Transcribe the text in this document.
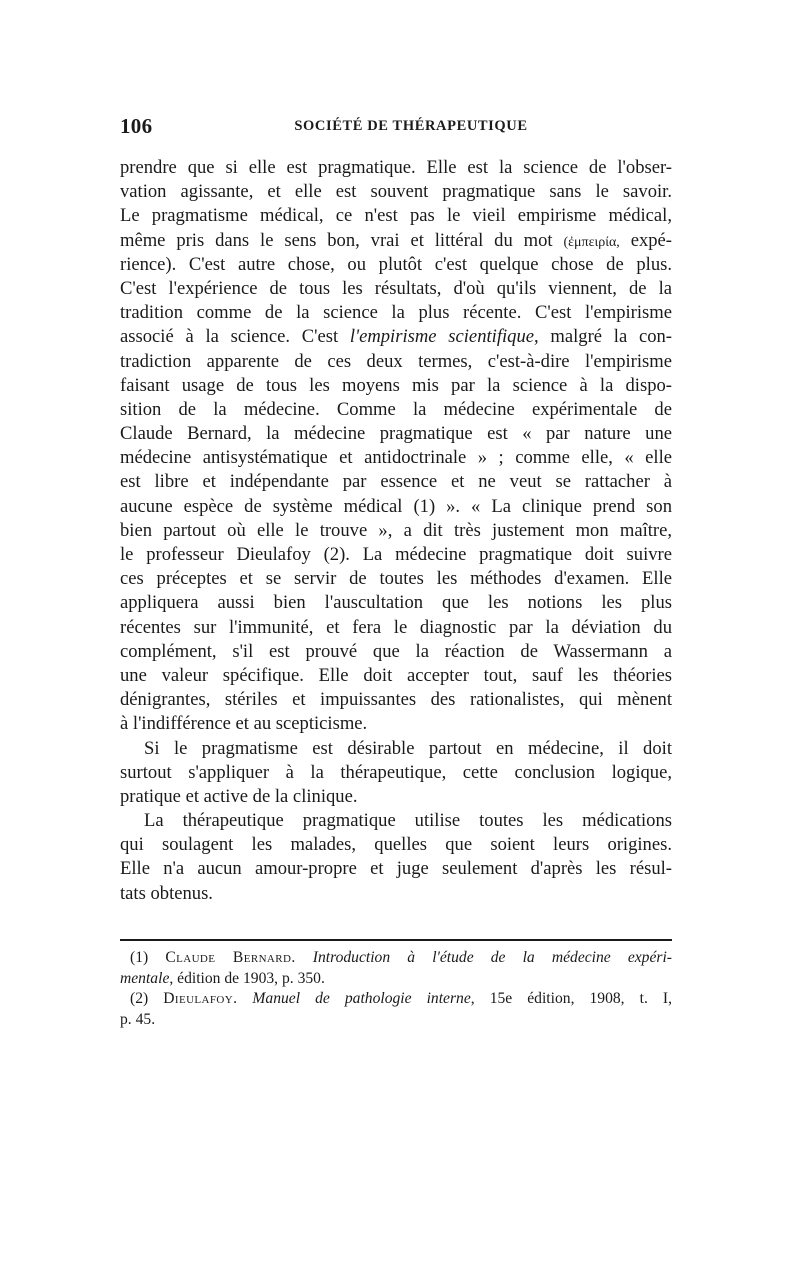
106	SOCIÉTÉ DE THÉRAPEUTIQUE
prendre que si elle est pragmatique. Elle est la science de l'obser-
vation agissante, et elle est souvent pragmatique sans le savoir.
Le pragmatisme médical, ce n'est pas le vieil empirisme médical,
même pris dans le sens bon, vrai et littéral du mot (ἐμπειρία, expé-
rience). C'est autre chose, ou plutôt c'est quelque chose de plus.
C'est l'expérience de tous les résultats, d'où qu'ils viennent, de la
tradition comme de la science la plus récente. C'est l'empirisme
associé à la science. C'est l'empirisme scientifique, malgré la con-
tradiction apparente de ces deux termes, c'est-à-dire l'empirisme
faisant usage de tous les moyens mis par la science à la dispo-
sition de la médecine. Comme la médecine expérimentale de
Claude Bernard, la médecine pragmatique est « par nature une
médecine antisystématique et antidoctrinale » ; comme elle, « elle
est libre et indépendante par essence et ne veut se rattacher à
aucune espèce de système médical (1) ». « La clinique prend son
bien partout où elle le trouve », a dit très justement mon maître,
le professeur Dieulafoy (2). La médecine pragmatique doit suivre
ces préceptes et se servir de toutes les méthodes d'examen. Elle
appliquera aussi bien l'auscultation que les notions les plus
récentes sur l'immunité, et fera le diagnostic par la déviation du
complément, s'il est prouvé que la réaction de Wassermann a
une valeur spécifique. Elle doit accepter tout, sauf les théories
dénigrantes, stériles et impuissantes des rationalistes, qui mènent
à l'indifférence et au scepticisme.
Si le pragmatisme est désirable partout en médecine, il doit
surtout s'appliquer à la thérapeutique, cette conclusion logique,
pratique et active de la clinique.
La thérapeutique pragmatique utilise toutes les médications
qui soulagent les malades, quelles que soient leurs origines.
Elle n'a aucun amour-propre et juge seulement d'après les résul-
tats obtenus.
(1) Claude Bernard. Introduction à l'étude de la médecine expéri-
mentale, édition de 1903, p. 350.
(2) Dieulafoy. Manuel de pathologie interne, 15e édition, 1908, t. I,
p. 45.
